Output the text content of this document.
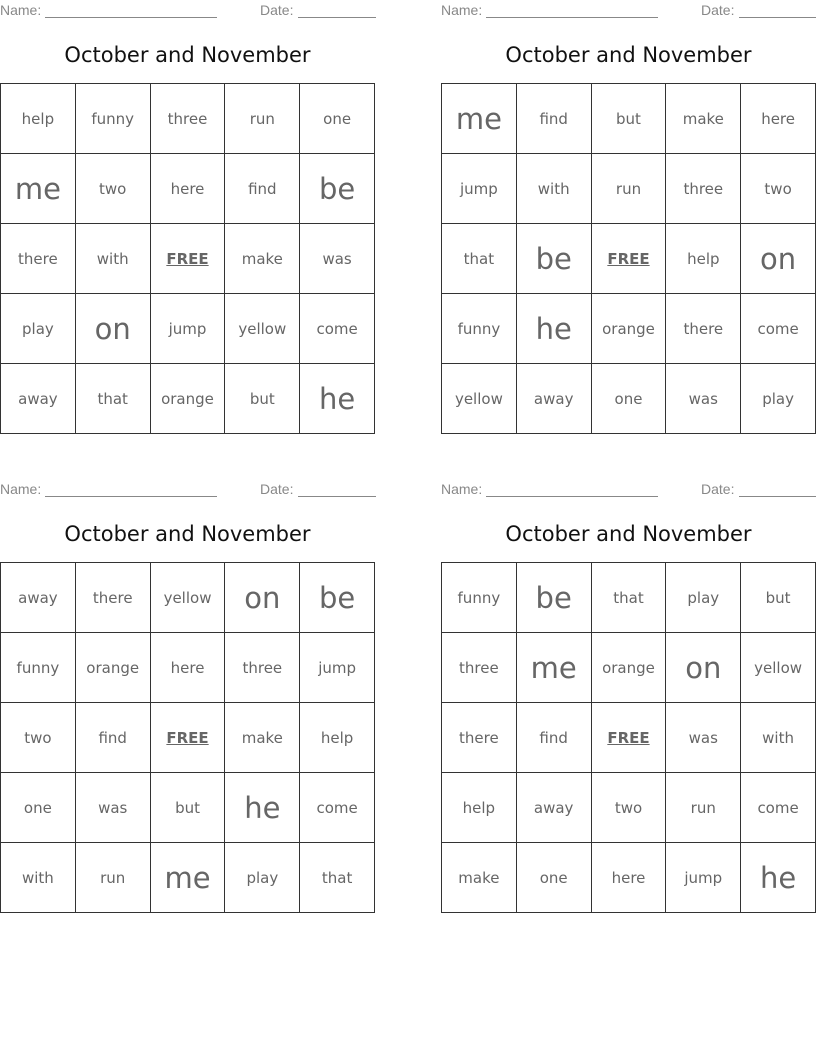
Name:	Date:
October and November
help	funny	three	run	one
me	two	here	find	be
there	with	FREE	make	was
play	on	jump	yellow	come
away	that	orange	but	he
Name:	Date:
October and November
me	find	but	make	here
jump	with	run	three	two
that	be	FREE	help	on
funny	he	orange	there	come
yellow	away	one	was	play
Name:	Date:
October and November
away	there	yellow	on	be
funny	orange	here	three	jump
two	find	FREE	make	help
one	was	but	he	come
with	run	me	play	that
Name:	Date:
October and November
funny	be	that	play	but
three	me	orange	on	yellow
there	find	FREE	was	with
help	away	two	run	come
make	one	here	jump	he
